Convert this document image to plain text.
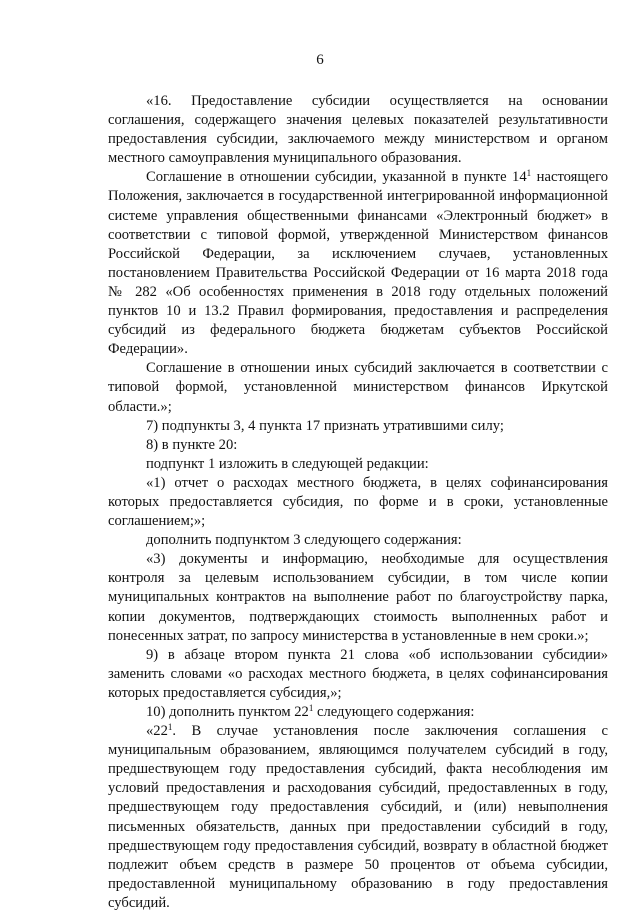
6

«16. Предоставление субсидии осуществляется на основании соглашения, содержащего значения целевых показателей результативности предоставления субсидии, заключаемого между министерством и органом местного самоуправления муниципального образования.

Соглашение в отношении субсидии, указанной в пункте $14^1$ настоящего Положения, заключается в государственной интегрированной информационной системе управления общественными финансами «Электронный бюджет» в соответствии с типовой формой, утвержденной Министерством финансов Российской Федерации, за исключением случаев, установленных постановлением Правительства Российской Федерации от 16 марта 2018 года № 282 «Об особенностях применения в 2018 году отдельных положений пунктов 10 и 13.2 Правил формирования, предоставления и распределения субсидий из федерального бюджета бюджетам субъектов Российской Федерации».

Соглашение в отношении иных субсидий заключается в соответствии с типовой формой, установленной министерством финансов Иркутской области.»;

7) подпункты 3, 4 пункта 17 признать утратившими силу;

8) в пункте 20:

подпункт 1 изложить в следующей редакции:

«1) отчет о расходах местного бюджета, в целях софинансирования которых предоставляется субсидия, по форме и в сроки, установленные соглашением;»;

дополнить подпунктом 3 следующего содержания:

«3) документы и информацию, необходимые для осуществления контроля за целевым использованием субсидии, в том числе копии муниципальных контрактов на выполнение работ по благоустройству парка, копии документов, подтверждающих стоимость выполненных работ и понесенных затрат, по запросу министерства в установленные в нем сроки.»;

9) в абзаце втором пункта 21 слова «об использовании субсидии» заменить словами «о расходах местного бюджета, в целях софинансирования которых предоставляется субсидия,»;

10) дополнить пунктом $22^1$ следующего содержания:

«$22^1$. В случае установления после заключения соглашения с муниципальным образованием, являющимся получателем субсидий в году, предшествующем году предоставления субсидий, факта несоблюдения им условий предоставления и расходования субсидий, предоставленных в году, предшествующем году предоставления субсидий, и (или) невыполнения письменных обязательств, данных при предоставлении субсидий в году, предшествующем году предоставления субсидий, возврату в областной бюджет подлежит объем средств в размере 50 процентов от объема субсидии, предоставленной муниципальному образованию в году предоставления субсидий.
